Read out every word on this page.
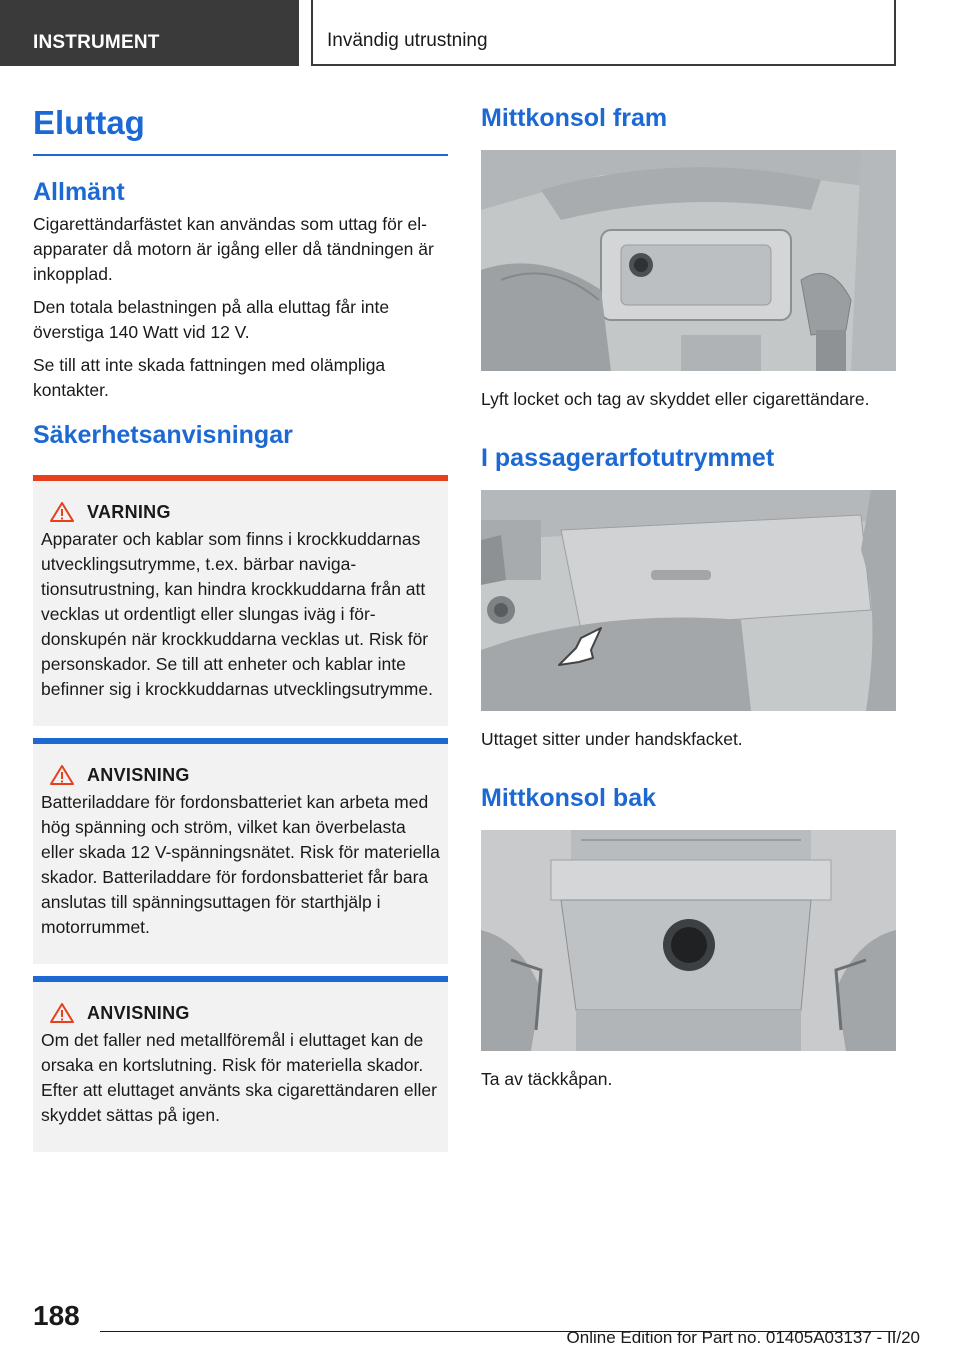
INSTRUMENT	Invändig utrustning
Eluttag
Allmänt

Cigarettändarfästet kan användas som uttag för el-apparater då motorn är igång eller då tändningen är inkopplad.

Den totala belastningen på alla eluttag får inte överstiga 140 Watt vid 12 V.

Se till att inte skada fattningen med olämpliga kontakter.

Säkerhetsanvisningar
VARNING

Apparater och kablar som finns i krockkuddarnas utvecklingsutrymme, t.ex. bärbar navigationsutrustning, kan hindra krockkuddarna från att vecklas ut ordentligt eller slungas iväg i fördonskupén när krockkuddarna vecklas ut. Risk för personskador. Se till att enheter och kablar inte befinner sig i krockkuddarnas utvecklingsutrymme.

ANVISNING

Batteriladdare för fordonsbatteriet kan arbeta med hög spänning och ström, vilket kan överbelasta eller skada 12 V-spänningsnätet. Risk för materiella skador. Batteriladdare för fordonsbatteriet får bara anslutas till spänningsuttagen för starthjälp i motorrummet.

ANVISNING

Om det faller ned metallföremål i eluttaget kan de orsaka en kortslutning. Risk för materiella skador. Efter att eluttaget använts ska cigarettändaren eller skyddet sättas på igen.

Mittkonsol fram

Lyft locket och tag av skyddet eller cigarettändare.

I passagerarfotutrymmet

Uttaget sitter under handskfacket.

Mittkonsol bak

Ta av täckkåpan.

188
Online Edition for Part no. 01405A03137 - II/20
